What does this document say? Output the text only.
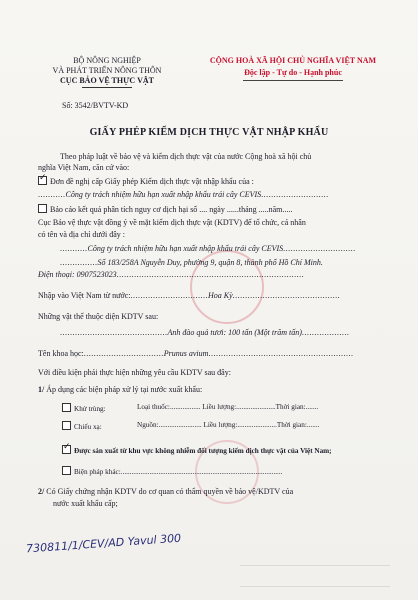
BỘ NÔNG NGHIỆP
VÀ PHÁT TRIỂN NÔNG THÔN
CỤC BẢO VỆ THỰC VẬT
Số: 3542/BVTV-KD
CỘNG HOÀ XÃ HỘI CHỦ NGHĨA VIỆT NAM
Độc lập - Tự do - Hạnh phúc
GIẤY PHÉP KIỂM DỊCH THỰC VẬT NHẬP KHẨU
Theo pháp luật về bảo vệ và kiểm dịch thực vật của nước Cộng hoà xã hội chủ
nghĩa Việt Nam, căn cứ vào:
✓Đơn đề nghị cấp Giấy phép Kiểm dịch thực vật nhập khẩu của :
...........Công ty trách nhiệm hữu hạn xuất nhập khẩu trái cây CEVIS...........................
Bảo cáo kết quả phân tích nguy cơ dịch hại số .... ngày ......tháng .....năm.....
Cục Bảo vệ thực vật đồng ý về mặt kiểm dịch thực vật (KDTV) để tổ chức, cá nhân
có tên và địa chỉ dưới đây :
...........Công ty trách nhiệm hữu hạn xuất nhập khẩu trái cây CEVIS.............................
...............Số 183/258A Nguyễn Duy, phường 9, quận 8, thành phố Hồ Chí Minh.
Điện thoại: 0907523023...........................................................................
Nhập vào Việt Nam từ nước:...............................Hoa Kỳ...........................................
Những vật thể thuộc diện KDTV sau:
...........................................Anh đào quả tươi: 100 tấn (Một trăm tấn)...................
Tên khoa học:................................Prunus avium..........................................................
Với điều kiện phải thực hiện những yêu cầu KDTV sau đây:
1/ Áp dụng các biện pháp xử lý tại nước xuất khẩu:
Khử trùng:	Loại thuốc:................. Liều lượng:......................Thời gian:.......
Chiếu xạ:	Nguồn:........................ Liều lượng:......................Thời gian:.......
✓Được sản xuất từ khu vực không nhiễm đối tượng kiểm dịch thực vật của Việt Nam;
Biện pháp khác:..........................................................................................
2/ Có Giấy chứng nhận KDTV do cơ quan có thẩm quyền về bảo vệ/KDTV của
nước xuất khẩu cấp;
730811/1/CEV/AD Yavul 300
